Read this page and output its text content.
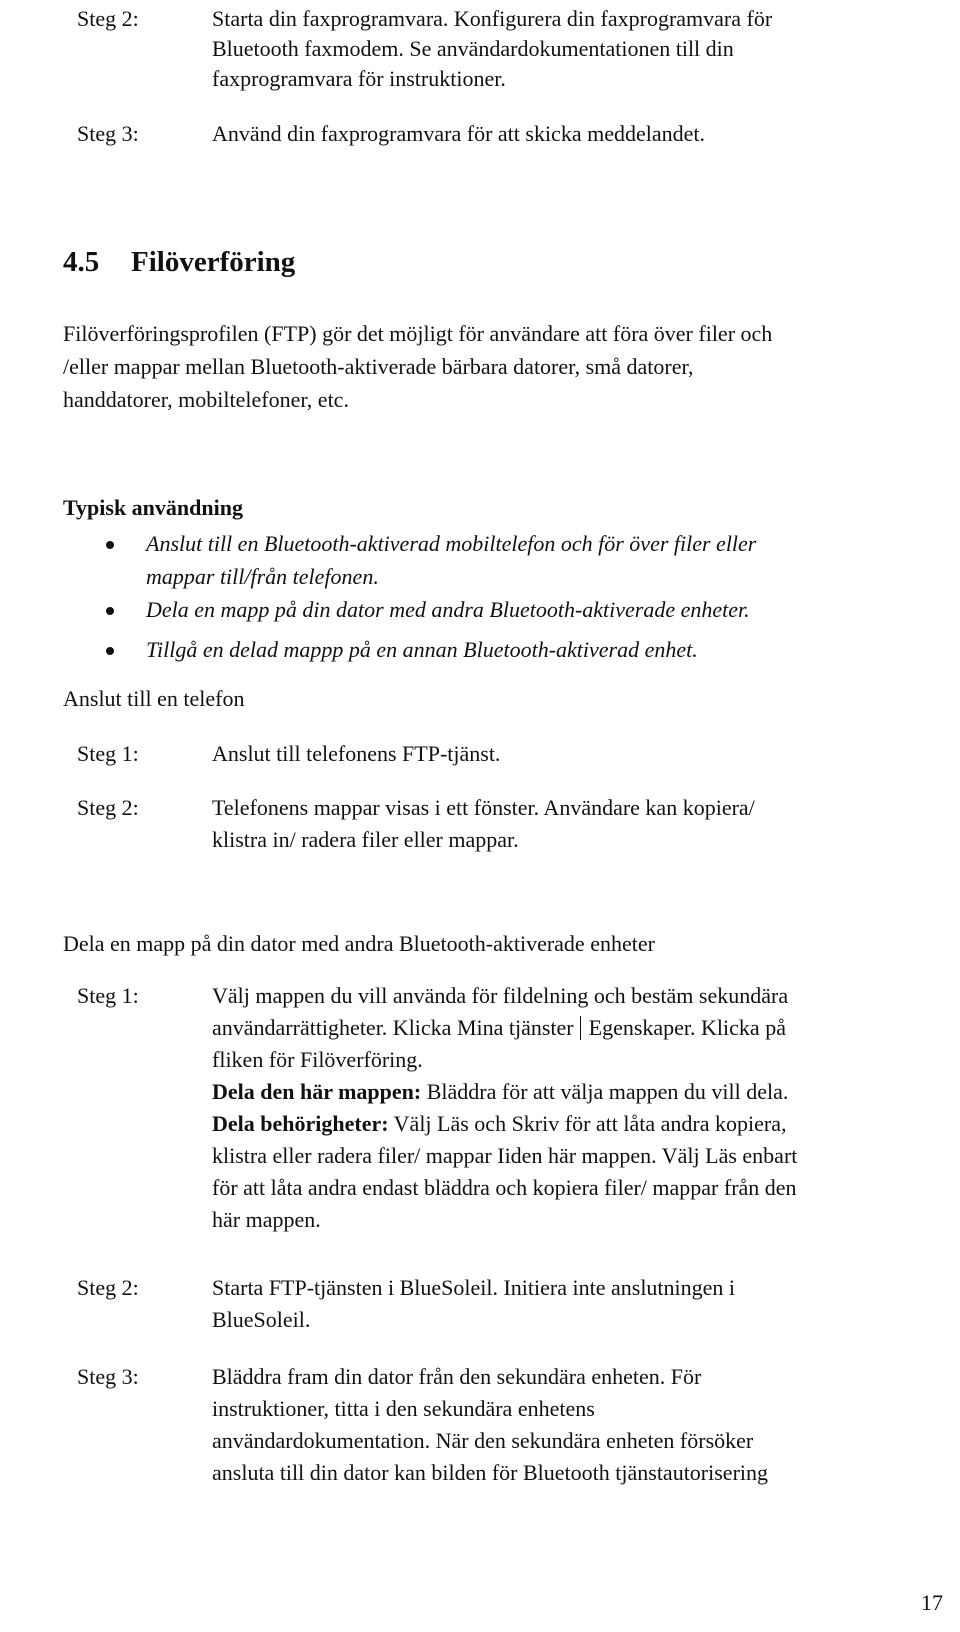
Steg 2:	Starta din faxprogramvara. Konfigurera din faxprogramvara för
Bluetooth faxmodem. Se användardokumentationen till din
faxprogramvara för instruktioner.
Steg 3:	Använd din faxprogramvara för att skicka meddelandet.
4.5 Filöverföring
Filöverföringsprofilen (FTP) gör det möjligt för användare att föra över filer och
/eller mappar mellan Bluetooth-aktiverade bärbara datorer, små datorer,
handdatorer, mobiltelefoner, etc.
Typisk användning
Anslut till en Bluetooth-aktiverad mobiltelefon och för över filer eller
mappar till/från telefonen.
Dela en mapp på din dator med andra Bluetooth-aktiverade enheter.
Tillgå en delad mappp på en annan Bluetooth-aktiverad enhet.
Anslut till en telefon
Steg 1:	Anslut till telefonens FTP-tjänst.
Steg 2:	Telefonens mappar visas i ett fönster. Användare kan kopiera/
klistra in/ radera filer eller mappar.
Dela en mapp på din dator med andra Bluetooth-aktiverade enheter
Steg 1:	Välj mappen du vill använda för fildelning och bestäm sekundära
användarrättigheter. Klicka Mina tjänster Egenskaper. Klicka på
fliken för Filöverföring.
Dela den här mappen: Bläddra för att välja mappen du vill dela.
Dela behörigheter: Välj Läs och Skriv för att låta andra kopiera,
klistra eller radera filer/ mappar Iiden här mappen. Välj Läs enbart
för att låta andra endast bläddra och kopiera filer/ mappar från den
här mappen.
Steg 2:	Starta FTP-tjänsten i BlueSoleil. Initiera inte anslutningen i
BlueSoleil.
Steg 3:	Bläddra fram din dator från den sekundära enheten. För
instruktioner, titta i den sekundära enhetens
användardokumentation. När den sekundära enheten försöker
ansluta till din dator kan bilden för Bluetooth tjänstautorisering
17
